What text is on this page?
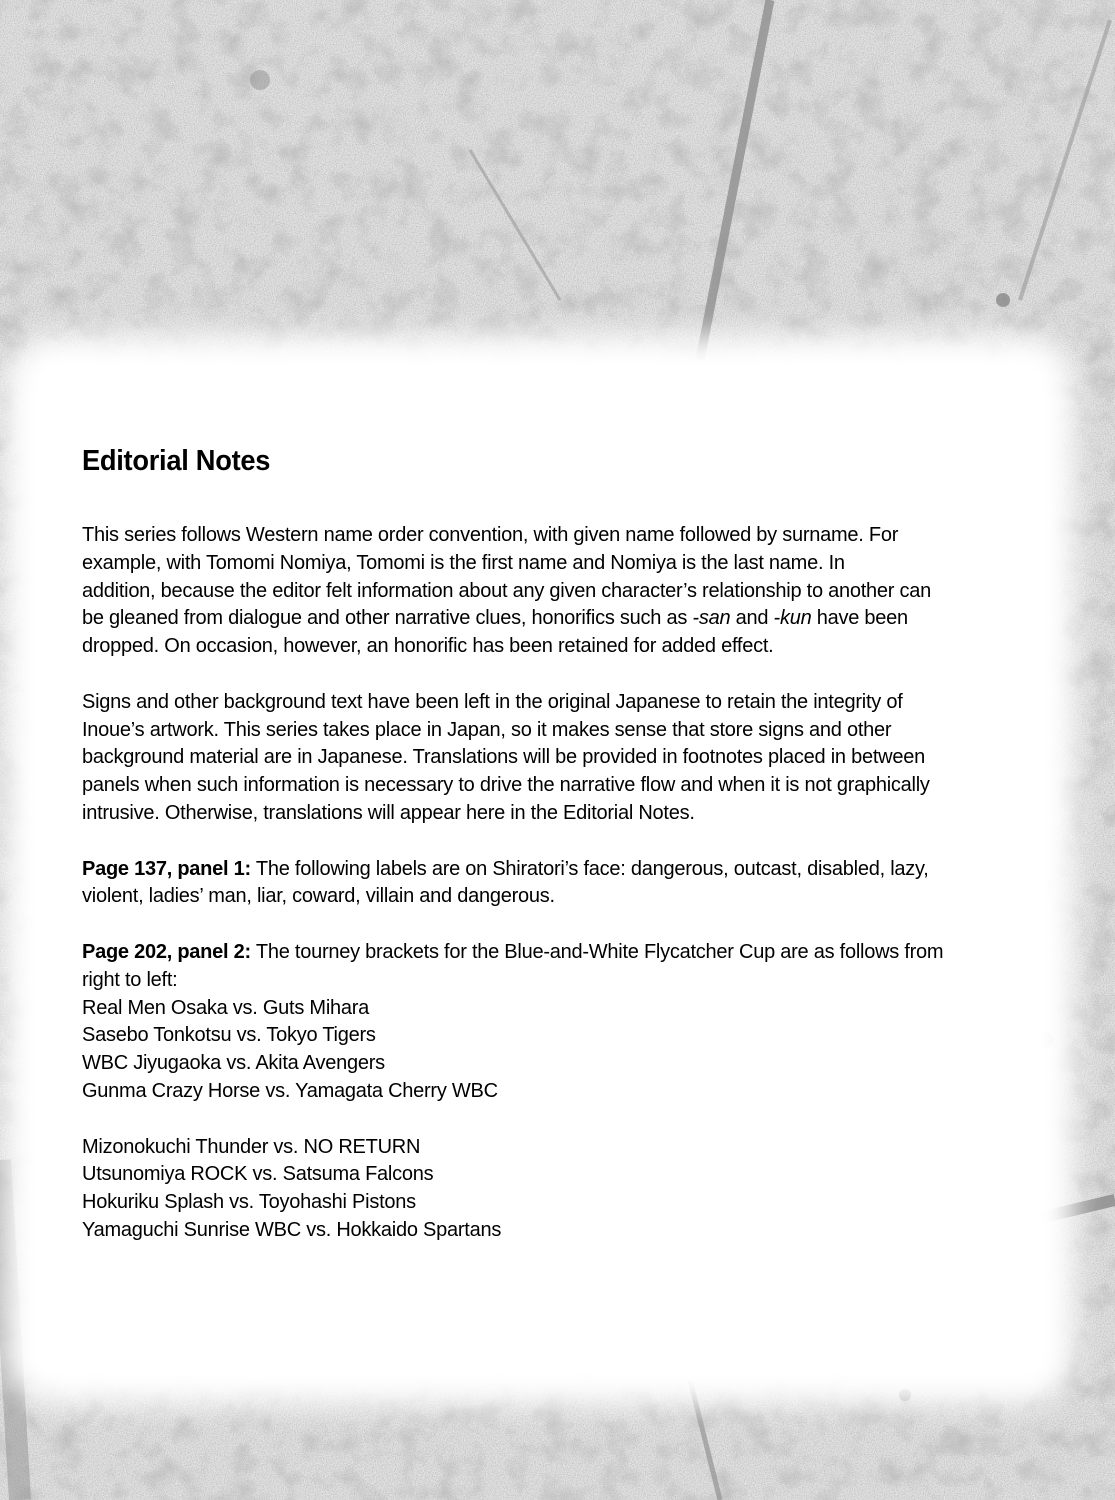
Editorial Notes
This series follows Western name order convention, with given name followed by surname. For
example, with Tomomi Nomiya, Tomomi is the first name and Nomiya is the last name. In
addition, because the editor felt information about any given character’s relationship to another can
be gleaned from dialogue and other narrative clues, honorifics such as -san and -kun have been
dropped. On occasion, however, an honorific has been retained for added effect.
Signs and other background text have been left in the original Japanese to retain the integrity of
Inoue’s artwork. This series takes place in Japan, so it makes sense that store signs and other
background material are in Japanese. Translations will be provided in footnotes placed in between
panels when such information is necessary to drive the narrative flow and when it is not graphically
intrusive. Otherwise, translations will appear here in the Editorial Notes.
Page 137, panel 1: The following labels are on Shiratori’s face: dangerous, outcast, disabled, lazy,
violent, ladies’ man, liar, coward, villain and dangerous.
Page 202, panel 2: The tourney brackets for the Blue-and-White Flycatcher Cup are as follows from
right to left:
Real Men Osaka vs. Guts Mihara
Sasebo Tonkotsu vs. Tokyo Tigers
WBC Jiyugaoka vs. Akita Avengers
Gunma Crazy Horse vs. Yamagata Cherry WBC
Mizonokuchi Thunder vs. NO RETURN
Utsunomiya ROCK vs. Satsuma Falcons
Hokuriku Splash vs. Toyohashi Pistons
Yamaguchi Sunrise WBC vs. Hokkaido Spartans
